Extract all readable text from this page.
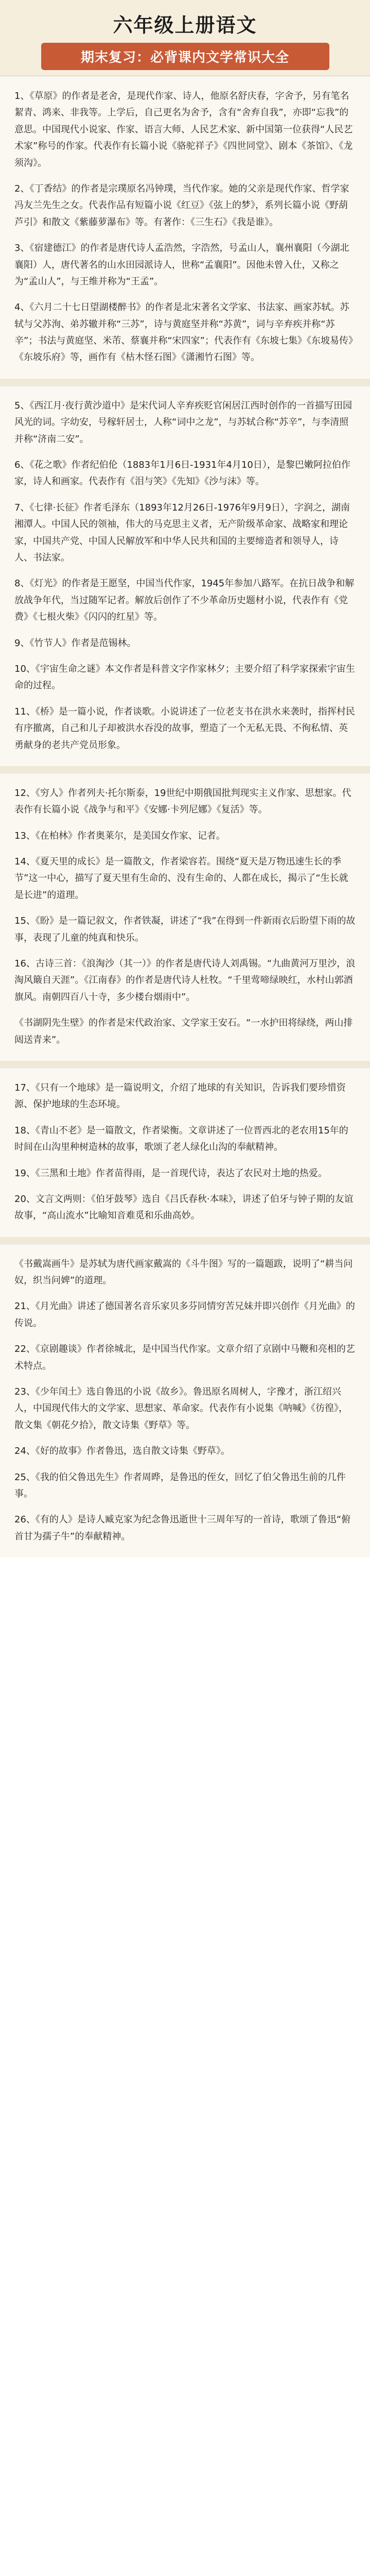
六年级上册语文
期末复习：必背课内文学常识大全

1、《草原》的作者是老舍，是现代作家、诗人，他原名舒庆春，字舍予，另有笔名絜青、鸿来、非我等。上学后，自己更名为舍予，含有“舍弃自我”，亦即“忘我”的意思。中国现代小说家、作家、语言大师、人民艺术家、新中国第一位获得“人民艺术家”称号的作家。代表作有长篇小说《骆驼祥子》《四世同堂》、剧本《茶馆》、《龙须沟》。

2、《丁香结》的作者是宗璞原名冯钟璞，当代作家。她的父亲是现代作家、哲学家冯友兰先生之女。代表作品有短篇小说《红豆》《弦上的梦》，系列长篇小说《野葫芦引》和散文《紫藤萝瀑布》等。有著作：《三生石》《我是谁》。

3、《宿建德江》的作者是唐代诗人孟浩然，字浩然，号孟山人，襄州襄阳（今湖北襄阳）人，唐代著名的山水田园派诗人，世称“孟襄阳”。因他未曾入仕，又称之为“孟山人”，与王维并称为“王孟”。

4、《六月二十七日望湖楼醉书》的作者是北宋著名文学家、书法家、画家苏轼。苏轼与父苏洵、弟苏辙并称“三苏”，诗与黄庭坚并称“苏黄”，词与辛弃疾并称“苏辛”；书法与黄庭坚、米芾、蔡襄并称“宋四家”；代表作有《东坡七集》《东坡易传》《东坡乐府》等，画作有《枯木怪石图》《潇湘竹石图》等。

5、《西江月·夜行黄沙道中》是宋代词人辛弃疾贬官闲居江西时创作的一首描写田园风光的词。字幼安，号稼轩居士，人称“词中之龙”，与苏轼合称“苏辛”，与李清照并称“济南二安”。

6、《花之歌》作者纪伯伦（1883年1月6日-1931年4月10日），是黎巴嫩阿拉伯作家，诗人和画家。代表作有《泪与笑》《先知》《沙与沫》等。

7、《七律·长征》作者毛泽东（1893年12月26日-1976年9月9日），字润之，湖南湘潭人。中国人民的领袖，伟大的马克思主义者，无产阶级革命家、战略家和理论家，中国共产党、中国人民解放军和中华人民共和国的主要缔造者和领导人，诗人、书法家。

8、《灯光》的作者是王愿坚，中国当代作家，1945年参加八路军。在抗日战争和解放战争年代，当过随军记者。解放后创作了不少革命历史题材小说，代表作有《党费》《七根火柴》《闪闪的红星》等。

9、《竹节人》作者是范锡林。

10、《宇宙生命之谜》本文作者是科普文字作家林夕；主要介绍了科学家探索宇宙生命的过程。

11、《桥》是一篇小说，作者谈歌。小说讲述了一位老支书在洪水来袭时，指挥村民有序撤离，自己和儿子却被洪水吞没的故事，塑造了一个无私无畏、不徇私情、英勇献身的老共产党员形象。

12、《穷人》作者列夫·托尔斯泰，19世纪中期俄国批判现实主义作家、思想家。代表作有长篇小说《战争与和平》《安娜·卡列尼娜》《复活》等。

13、《在柏林》作者奥莱尔，是美国女作家、记者。

14、《夏天里的成长》是一篇散文，作者梁容若。围绕“夏天是万物迅速生长的季节”这一中心，描写了夏天里有生命的、没有生命的、人都在成长，揭示了“生长就是长进”的道理。

15、《盼》是一篇记叙文，作者铁凝，讲述了“我”在得到一件新雨衣后盼望下雨的故事，表现了儿童的纯真和快乐。

16、古诗三首：《浪淘沙（其一）》的作者是唐代诗人刘禹锡。“九曲黄河万里沙，浪淘风簸自天涯”。《江南春》的作者是唐代诗人杜牧。“千里莺啼绿映红，水村山郭酒旗风。南朝四百八十寺，多少楼台烟雨中”。

《书湖阴先生壁》的作者是宋代政治家、文学家王安石。“一水护田将绿绕，两山排闼送青来”。

17、《只有一个地球》是一篇说明文，介绍了地球的有关知识，告诉我们要珍惜资源、保护地球的生态环境。

18、《青山不老》是一篇散文，作者梁衡。文章讲述了一位晋西北的老农用15年的时间在山沟里种树造林的故事，歌颂了老人绿化山沟的奉献精神。

19、《三黑和土地》作者苗得雨，是一首现代诗，表达了农民对土地的热爱。

20、文言文两则：《伯牙鼓琴》选自《吕氏春秋·本味》，讲述了伯牙与钟子期的友谊故事，“高山流水”比喻知音难觅和乐曲高妙。

《书戴嵩画牛》是苏轼为唐代画家戴嵩的《斗牛图》写的一篇题跋，说明了“耕当问奴，织当问婢”的道理。

21、《月光曲》讲述了德国著名音乐家贝多芬同情穷苦兄妹并即兴创作《月光曲》的传说。

22、《京剧趣谈》作者徐城北，是中国当代作家。文章介绍了京剧中马鞭和亮相的艺术特点。

23、《少年闰土》选自鲁迅的小说《故乡》。鲁迅原名周树人，字豫才，浙江绍兴人，中国现代伟大的文学家、思想家、革命家。代表作有小说集《呐喊》《彷徨》，散文集《朝花夕拾》，散文诗集《野草》等。

24、《好的故事》作者鲁迅，选自散文诗集《野草》。

25、《我的伯父鲁迅先生》作者周晔，是鲁迅的侄女，回忆了伯父鲁迅生前的几件事。

26、《有的人》是诗人臧克家为纪念鲁迅逝世十三周年写的一首诗，歌颂了鲁迅“俯首甘为孺子牛”的奉献精神。
